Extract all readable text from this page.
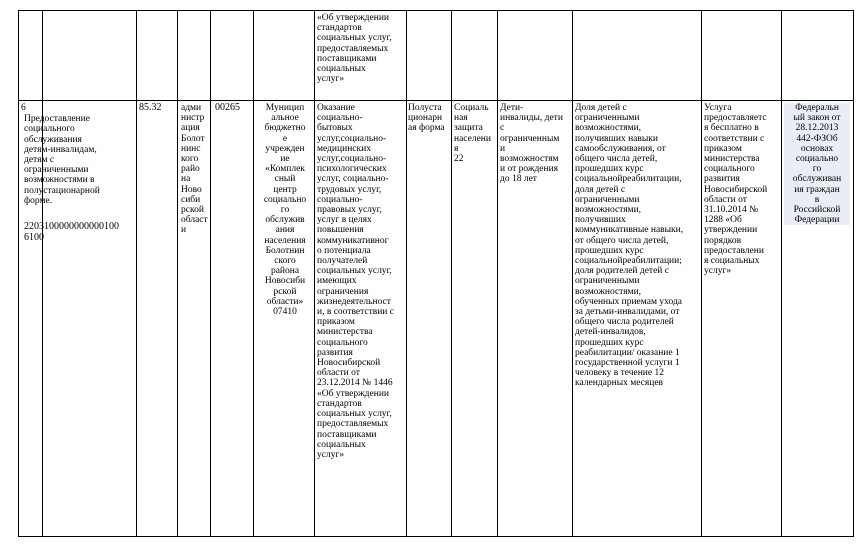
«Об утверждении
стандартов
социальных услуг,
предоставляемых
поставщиками
социальных
услуг»
6

Предоставление
социального
обслуживания
детям-инвалидам,
детям с
ограниченными
возможностями в
полустационарной
форме.

22031000000000001006100

85.32	адми
нистр
ация
Болот
нинс
кого
райо
на
Ново
сиби
рской
области
00265	Муницип
альное
бюджетно
е
учрежден
ие
«Комплек
сный
центр
социально
го
обслужив
ания
населения
Болотнин
ского
района
Новосиби
рской
области»
07410
Оказание
социально-
бытовых
услуг,социально-
медицинских
услуг,социально-
психологических
услуг, социально-
трудовых услуг,
социально-
правовых услуг,
услуг в целях
повышения
коммуникативног
о потенциала
получателей
социальных услуг,
имеющих
ограничения
жизнедеятельност
и, в соответствии с
приказом
министерства
социального
развития
Новосибирской
области от
23.12.2014 № 1446
«Об утверждении
стандартов
социальных услуг,
предоставляемых
поставщиками
социальных
услуг»
Полуста
ционарн
ая форма
Социаль
ная
защита
населени
я
22
Дети-
инвалиды, дети
с
ограниченным
и
возможностям
и от рождения
до 18 лет
Доля детей с
ограниченными
возможностями,
получивших навыки
самообслуживания, от
общего числа детей,
прошедших курс
социальнойреабилитации,
доля детей с
ограниченными
возможностями,
получивших
коммуникативные навыки,
от общего числа детей,
прошедших курс
социальнойреабилитации;
доля родителей детей с
ограниченными
возможностями,
обученных приемам ухода
за детьми-инвалидами, от
общего числа родителей
детей-инвалидов,
прошедших курс
реабилитации/ оказание 1
государственной услуги 1
человеку в течение 12
календарных месяцев
Услуга
предоставляетс
я бесплатно в
соответствии с
приказом
министерства
социального
развития
Новосибирской
области от
31.10.2014 №
1288 «Об
утверждении
порядков
предоставлени
я социальных
услуг»
Федеральн
ый закон от
28.12.2013
442-ФЗОб
основах
социально
го
обслуживан
ия граждан
в
Российской
Федерации
